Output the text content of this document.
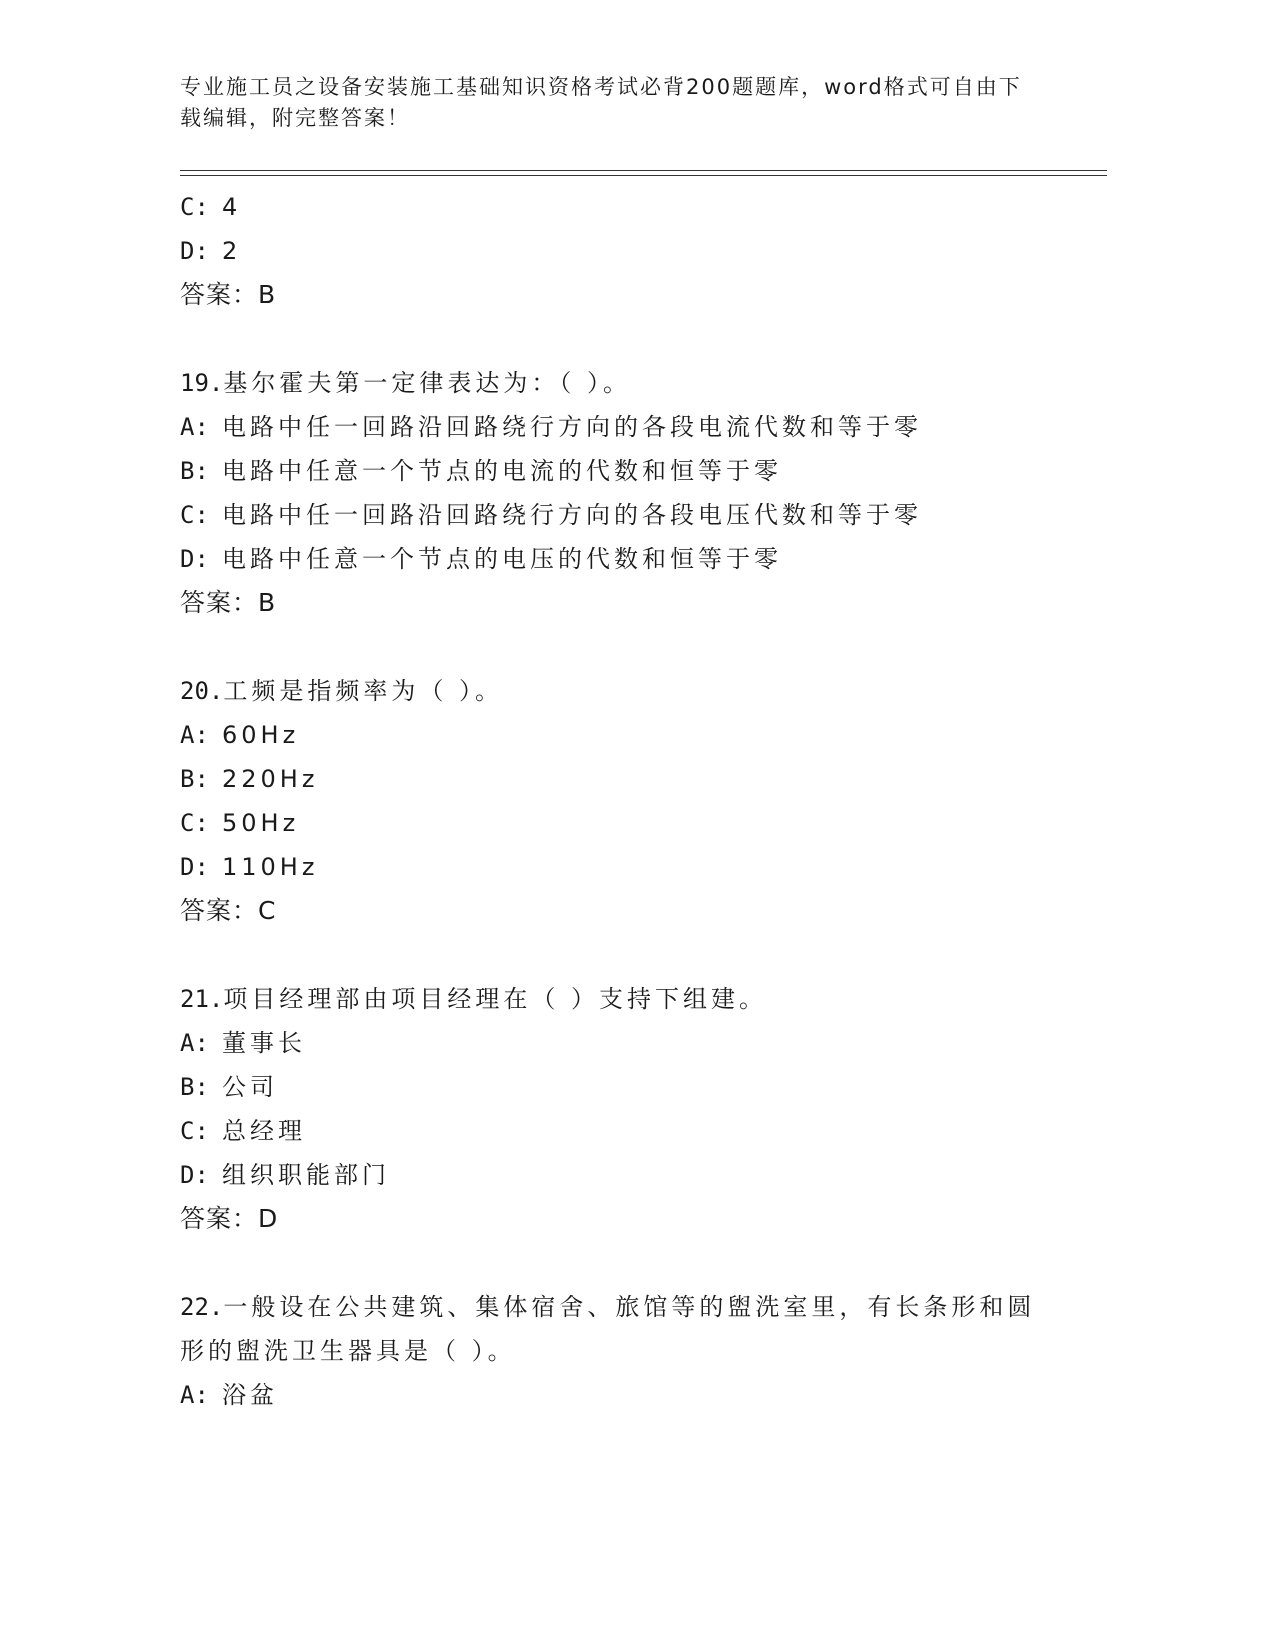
专业施工员之设备安装施工基础知识资格考试必背200题题库，word格式可自由下载编辑，附完整答案！
C: 4
D: 2
答案：B
19.基尔霍夫第一定律表达为：（ ）。
A: 电路中任一回路沿回路绕行方向的各段电流代数和等于零
B: 电路中任意一个节点的电流的代数和恒等于零
C: 电路中任一回路沿回路绕行方向的各段电压代数和等于零
D: 电路中任意一个节点的电压的代数和恒等于零
答案：B
20.工频是指频率为（ ）。
A: 60Hz
B: 220Hz
C: 50Hz
D: 110Hz
答案：C
21.项目经理部由项目经理在（ ）支持下组建。
A: 董事长
B: 公司
C: 总经理
D: 组织职能部门
答案：D
22.一般设在公共建筑、集体宿舍、旅馆等的盥洗室里，有长条形和圆
形的盥洗卫生器具是（ ）。
A: 浴盆
